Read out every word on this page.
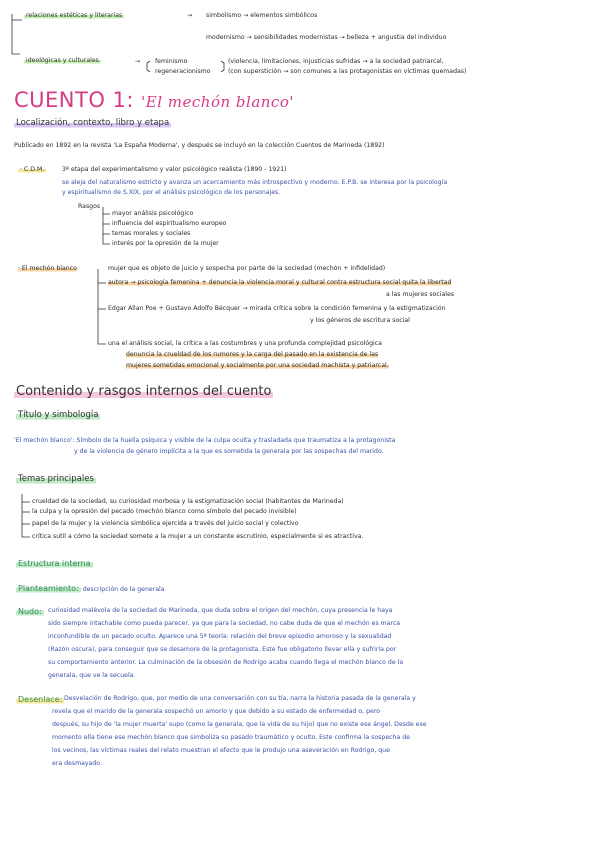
relaciones estéticas y literarias	→ simbolismo → elementos simbólicos
modernismo → sensibilidades modernistas → belleza + angustia del individuo
ideológicas y culturales	→ feminismo
regeneracionismo
(violencia, limitaciones, injusticias sufridas → a la sociedad patriarcal,
(con superstición → son comunes a las protagonistas en víctimas quemadas)
CUENTO 1: 'El mechón blanco'
Localización, contexto, libro y etapa
Publicado en 1892 en la revista 'La España Moderna', y después se incluyó en la colección Cuentos de Marineda (1892)
· C.D.M.	3ª etapa del experimentalismo y valor psicológico realista (1890 - 1921)
se aleja del naturalismo estricto y avanza un acercamiento más introspectivo y moderno. E.P.B. se interesa por la psicología
y espiritualismo de S.XIX, por el análisis psicológico de los personajes.
Rasgos
mayor análisis psicológico
influencia del espiritualismo europeo
temas morales y sociales
interés por la opresión de la mujer
· El mechón blanco	mujer que es objeto de juicio y sospecha por parte de la sociedad (mechón + infidelidad)
autora → psicología femenina + denuncia la violencia moral y cultural contra estructura social quita la libertad
a las mujeres sociales
Edgar Allan Poe + Gustavo Adolfo Bécquer → mirada crítica sobre la condición femenina y la estigmatización
y los géneros de escritura social
una el análisis social, la crítica a las costumbres y una profunda complejidad psicológica
denuncia la crueldad de los rumores y la carga del pasado en la existencia de las
mujeres sometidas emocional y socialmente por una sociedad machista y patriarcal.
Contenido y rasgos internos del cuento
Título y simbología
'El mechón blanco': Símbolo de la huella psíquica y visible de la culpa oculta y trasladada que traumatiza a la protagonista
y de la violencia de género implícita a la que es sometida la generala por las sospechas del marido.
Temas principales
crueldad de la sociedad, su curiosidad morbosa y la estigmatización social (habitantes de Marineda)
la culpa y la opresión del pecado (mechón blanco como símbolo del pecado invisible)
papel de la mujer y la violencia simbólica ejercida a través del juicio social y colectivo
crítica sutil a cómo la sociedad somete a la mujer a un constante escrutinio, especialmente si es atractiva.
Estructura interna
Planteamiento: descripción de la generala
Nudo:	curiosidad malévola de la sociedad de Marineda, que duda sobre el origen del mechón, cuya presencia le haya
sido siempre intachable como pueda parecer, ya que para la sociedad, no cabe duda de que el mechón es marca
inconfundible de un pecado oculto. Aparece una 5ª teoría: relación del breve episodio amoroso y la sexualidad
(Razón oscura), para conseguir que se desamore de la protagonista. Este fue obligatorio llevar ella y sufriría por
su comportamiento anterior. La culminación de la obsesión de Rodrigo acaba cuando llega el mechón blanco de la
generala, que ve la secuela.
Desenlace: Desvelación de Rodrigo, que, por medio de una conversación con su tía, narra la historia pasada de la generala y
revela que el marido de la generala sospechó un amorío y que debido a su estado de enfermedad o, pero
después, su hijo de 'la mujer muerta' supo (como la generala, que la vida de su hijo) que no existe ese ángel. Desde ese
momento ella tiene ese mechón blanco que simboliza su pasado traumático y oculto. Este confirma la sospecha de
los vecinos, las víctimas reales del relato muestran el efecto que le produjo una aseveración en Rodrigo, que
era desmayado.
